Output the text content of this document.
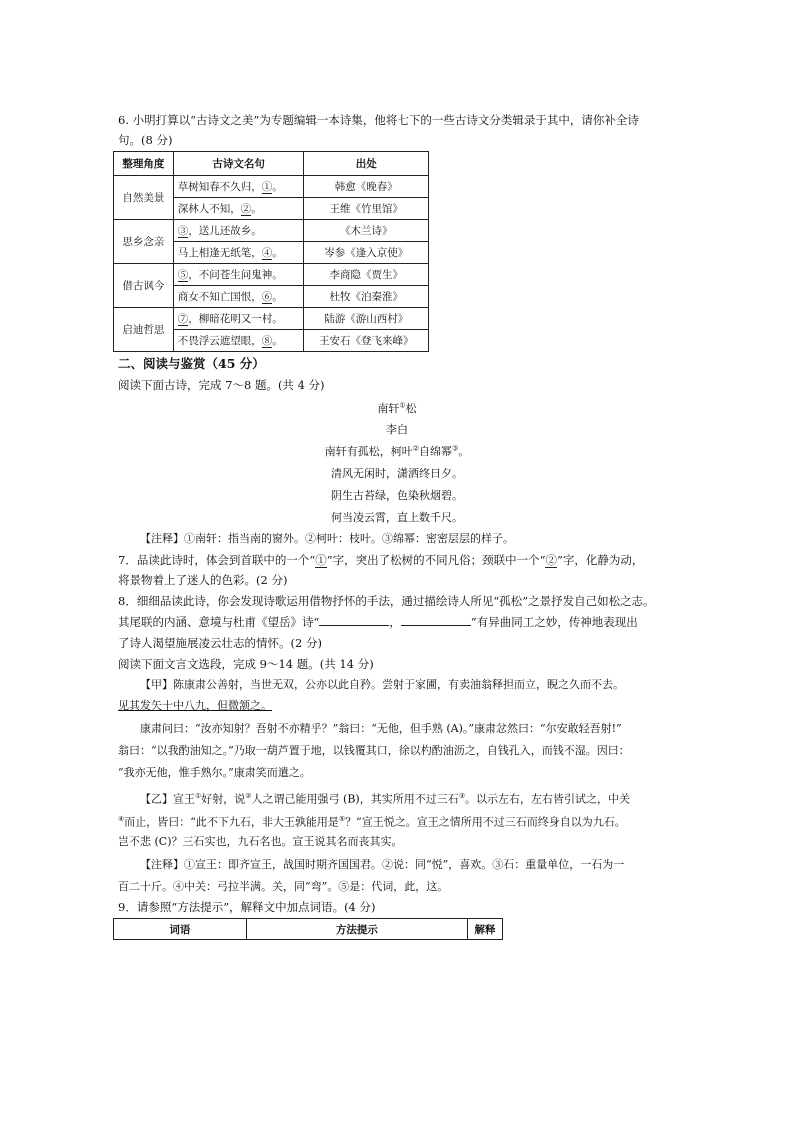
6. 小明打算以“古诗文之美”为专题编辑一本诗集，他将七下的一些古诗文分类辑录于其中，请你补全诗
句。(8 分)
整理角度	古诗文名句	出处
自然美景	草树知春不久归，①。	韩愈《晚春》
	深林人不知，②。	王维《竹里馆》
思乡念亲	③，送儿还故乡。	《木兰诗》
	马上相逢无纸笔，④。	岑参《逢入京使》
借古讽今	⑤，不问苍生问鬼神。	李商隐《贾生》
	商女不知亡国恨，⑥。	杜牧《泊秦淮》
启迪哲思	⑦，柳暗花明又一村。	陆游《游山西村》
	不畏浮云遮望眼，⑧。	王安石《登飞来峰》
二、阅读与鉴赏（45 分）
阅读下面古诗，完成 7～8 题。(共 4 分)
南轩①松
李白
南轩有孤松，柯叶②自绵幂③。
清风无闲时，潇洒终日夕。
阴生古苔绿，色染秋烟碧。
何当凌云霄，直上数千尺。
【注释】①南轩：指当南的窗外。②柯叶：枝叶。③绵幂：密密层层的样子。
7．品读此诗时，体会到首联中的一个“①”字，突出了松树的不同凡俗；颈联中一个“②”字，化静为动，
将景物着上了迷人的色彩。(2 分)
8．细细品读此诗，你会发现诗歌运用借物抒怀的手法，通过描绘诗人所见“孤松”之景抒发自己如松之志。
其尾联的内涵、意境与杜甫《望岳》诗“	，	”有异曲同工之妙，传神地表现出
了诗人渴望施展凌云壮志的情怀。(2 分)
阅读下面文言文选段，完成 9～14 题。(共 14 分)
【甲】陈康肃公善射，当世无双，公亦以此自矜。尝射于家圃，有卖油翁释担而立，睨之久而不去。
见其发矢十中八九，但微颔之。
康肃问曰：“汝亦知射？吾射不亦精乎？”翁曰：“无他，但手熟 (A)。”康肃忿然曰：“尔安敢轻吾射!”
翁曰：“以我酌油知之。”乃取一葫芦置于地，以钱覆其口，徐以杓酌油沥之，自钱孔入，而钱不湿。因曰：
“我亦无他，惟手熟尔。”康肃笑而遣之。
【乙】宣王①好射，说②人之谓己能用强弓 (B)，其实所用不过三石③。以示左右，左右皆引试之，中关
④而止，皆曰：“此不下九石，非大王孰能用是⑤？”宣王悦之。宣王之情所用不过三石而终身自以为九石。
岂不悲 (C)？三石实也，九石名也。宣王说其名而丧其实。
【注释】①宣王：即齐宣王，战国时期齐国国君。②说：同“悦”，喜欢。③石：重量单位，一石为一
百二十斤。④中关：弓拉半满。关，同“弯”。⑤是：代词，此，这。
9．请参照“方法提示”，解释文中加点词语。(4 分)
词语	方法提示	解释
